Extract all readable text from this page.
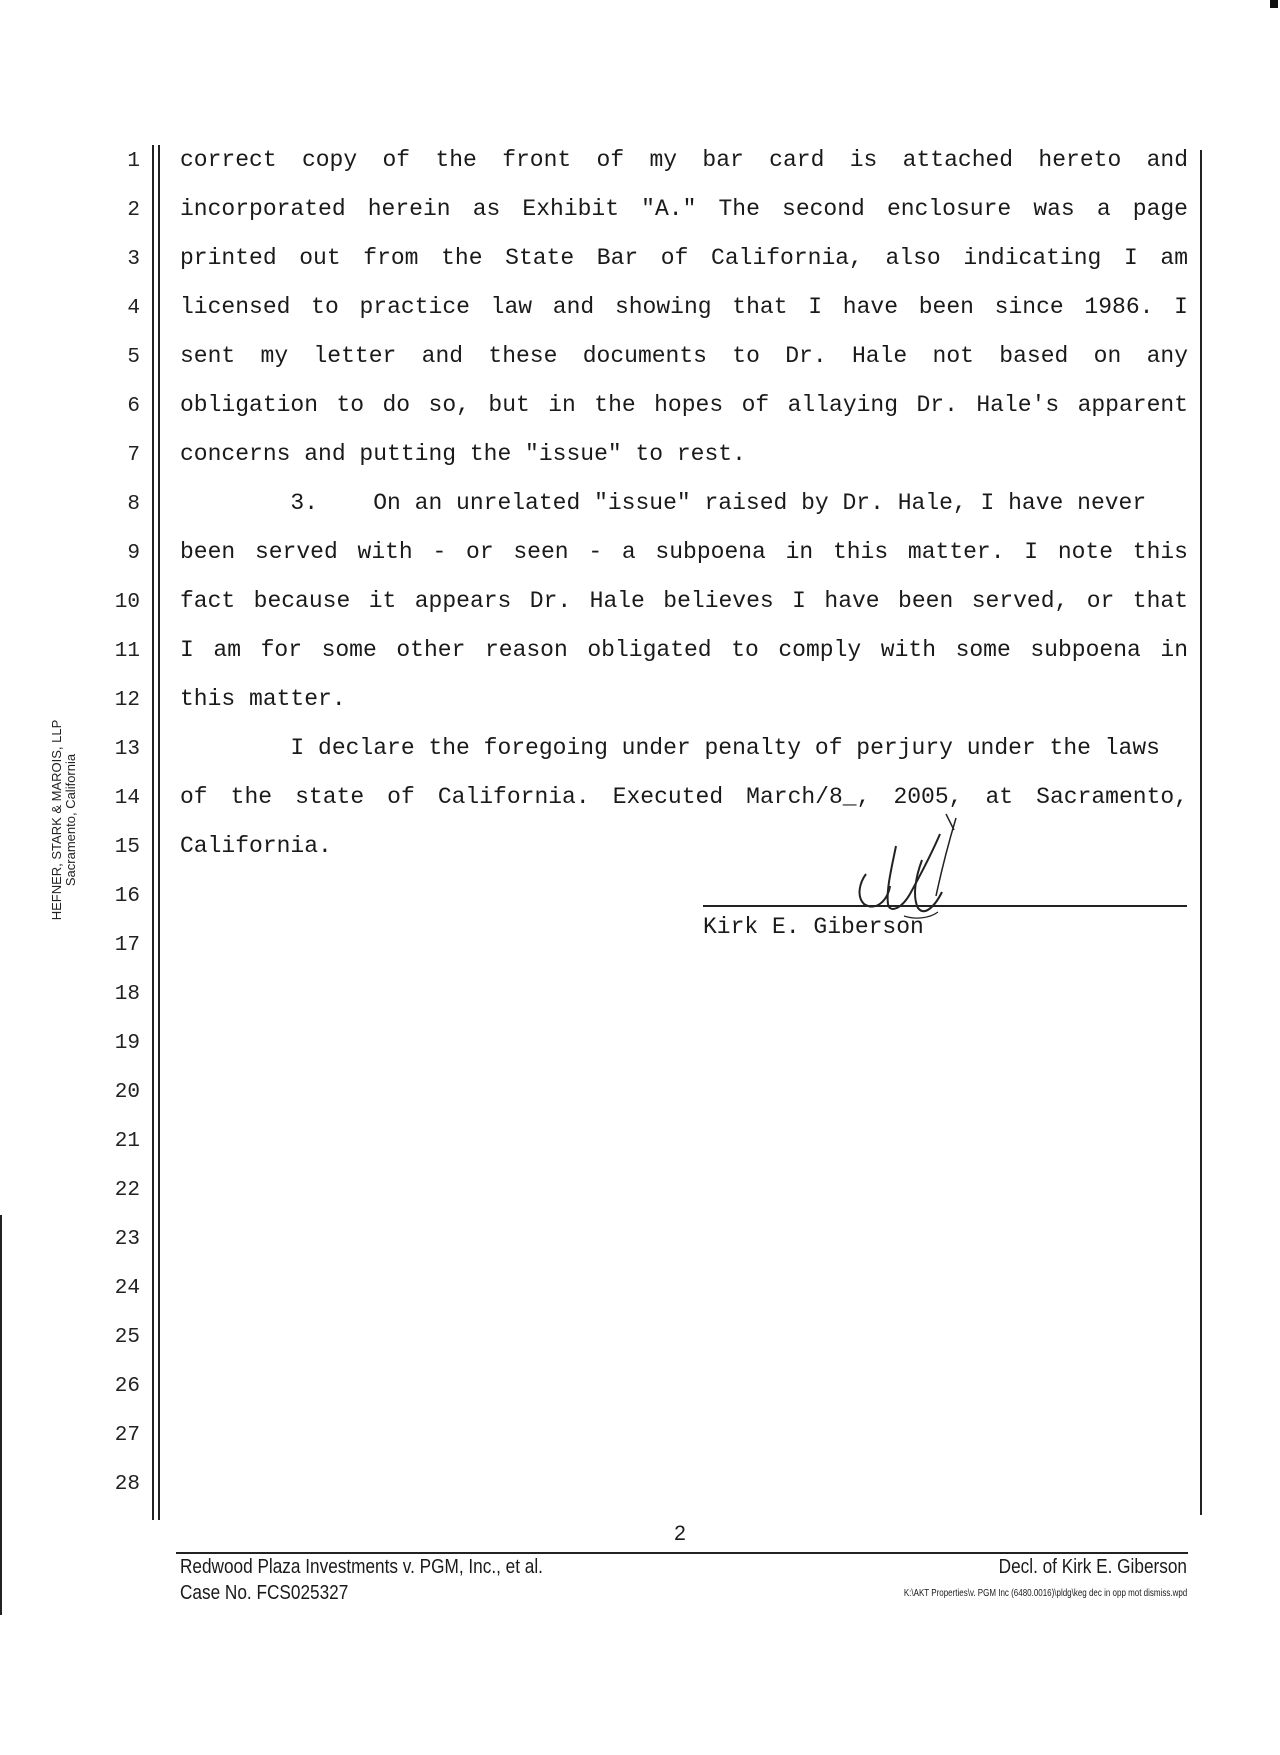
HEFNER, STARK & MAROIS, LLP Sacramento, California
1
2
3
4
5
6
7
8
9
10
11
12
13
14
15
16
17
18
19
20
21
22
23
24
25
26
27
28
correct copy of the front of my bar card is attached hereto and
incorporated herein as Exhibit "A." The second enclosure was a page
printed out from the State Bar of California, also indicating I am
licensed to practice law and showing that I have been since 1986. I
sent my letter and these documents to Dr. Hale not based on any
obligation to do so, but in the hopes of allaying Dr. Hale's apparent
concerns and putting the "issue" to rest.
3.    On an unrelated "issue" raised by Dr. Hale, I have never
been served with - or seen - a subpoena in this matter. I note this
fact because it appears Dr. Hale believes I have been served, or that
I am for some other reason obligated to comply with some subpoena in
this matter.
I declare the foregoing under penalty of perjury under the laws
of the state of California. Executed March/8_, 2005, at Sacramento,
California.
Kirk E. Giberson
2
Redwood Plaza Investments v. PGM, Inc., et al.
Case No. FCS025327
Decl. of Kirk E. Giberson
K:\AKT Properties\v. PGM Inc (6480.0016)\pldg\keg dec in opp mot dismiss.wpd
